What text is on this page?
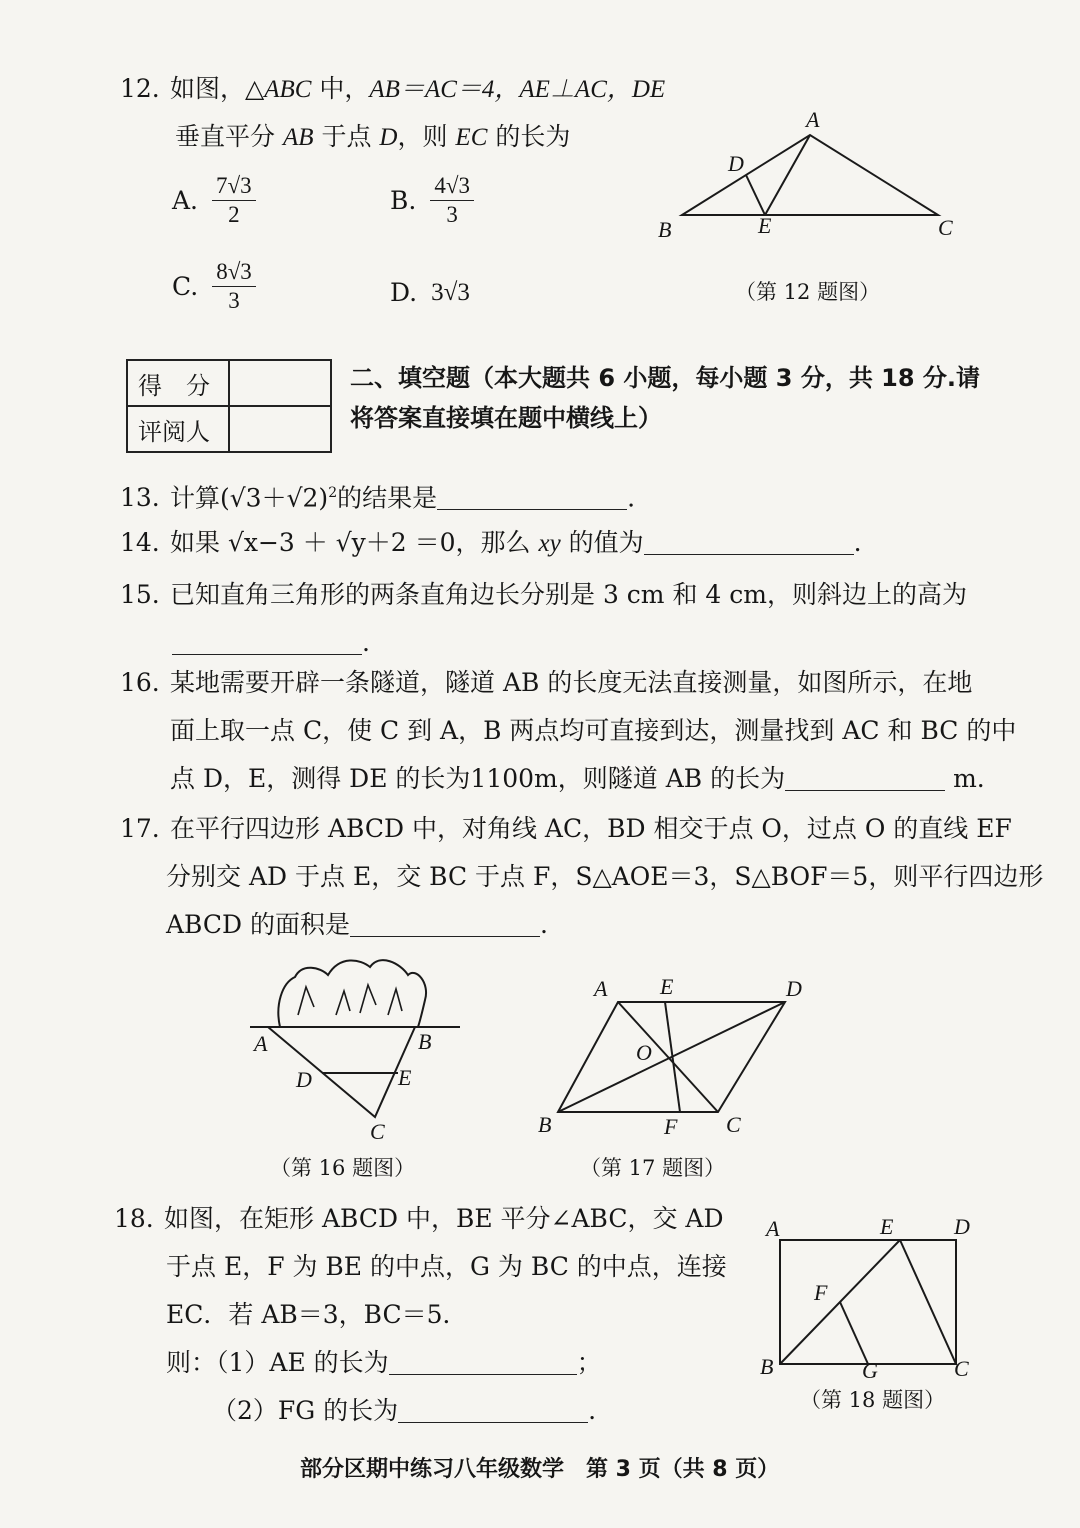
12. 如图，△ABC 中，AB＝AC＝4，AE⊥AC，DE
垂直平分 AB 于点 D，则 EC 的长为
A. $\frac{7√3}{2}$	B. $\frac{4√3}{3}$
C. $\frac{8√3}{3}$	D. 3√3
A
B	C
D
E
（第 12 题图）
得　分	
评阅人	
二、填空题（本大题共 6 小题，每小题 3 分，共 18 分.请
将答案直接填在题中横线上）
13. 计算$(√3+√2)^2$的结果是	.
14. 如果 √x−3 ＋ √y＋2 ＝0，那么 xy 的值为	.
15. 已知直角三角形的两条直角边长分别是 3 cm 和 4 cm，则斜边上的高为
.
16. 某地需要开辟一条隧道，隧道 AB 的长度无法直接测量，如图所示，在地
面上取一点 C，使 C 到 A，B 两点均可直接到达，测量找到 AC 和 BC 的中
点 D，E，测得 DE 的长为1100m，则隧道 AB 的长为	m.
17. 在平行四边形 ABCD 中，对角线 AC，BD 相交于点 O，过点 O 的直线 EF
分别交 AD 于点 E，交 BC 于点 F，S△AOE＝3，S△BOF＝5，则平行四边形
ABCD 的面积是	.
A	B
C
D	E
（第 16 题图）
A E	D
O
B	F C
（第 17 题图）
18. 如图，在矩形 ABCD 中，BE 平分∠ABC，交 AD
于点 E，F 为 BE 的中点，G 为 BC 的中点，连接
EC．若 AB＝3，BC＝5．
则：（1）AE 的长为	；
（2）FG 的长为	.
A	E	D
F
B	G	C
（第 18 题图）
部分区期中练习八年级数学　第 3 页（共 8 页）
